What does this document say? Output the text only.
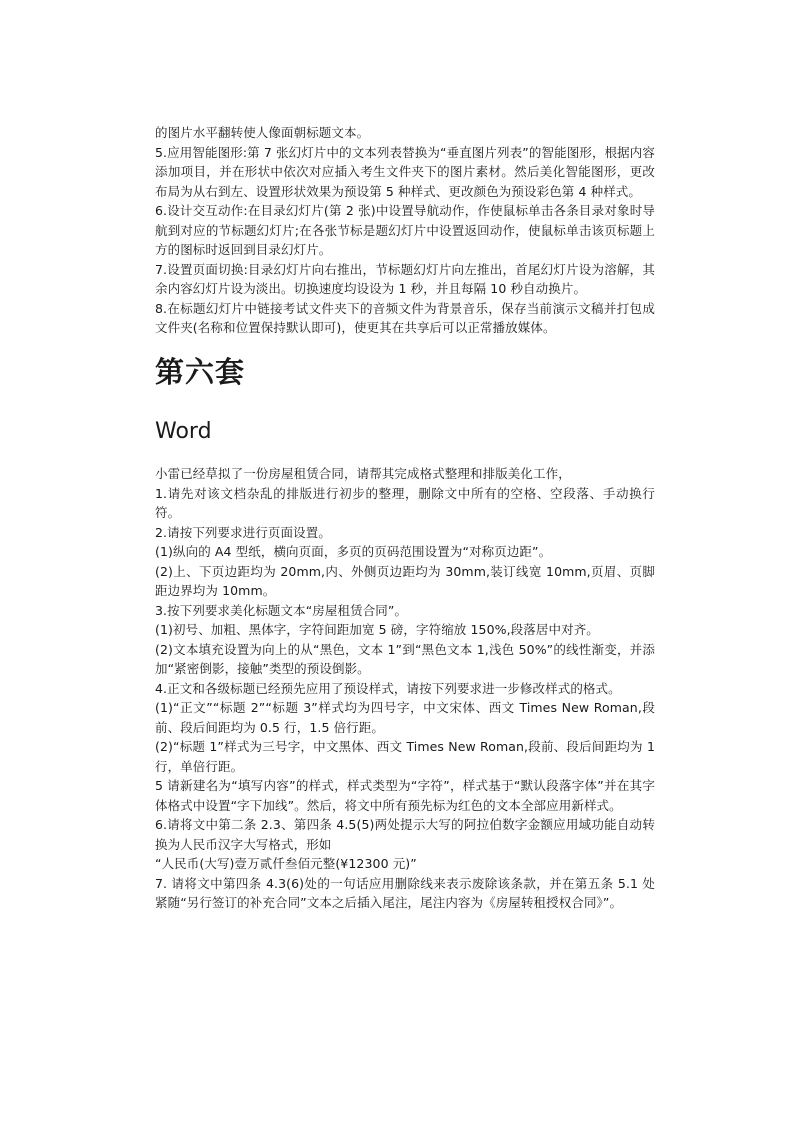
的图片水平翻转使人像面朝标题文本。

5.应用智能图形:第 7 张幻灯片中的文本列表替换为“垂直图片列表”的智能图形，根据内容添加项目，并在形状中依次对应插入考生文件夹下的图片素材。然后美化智能图形，更改布局为从右到左、设置形状效果为预设第 5 种样式、更改颜色为预设彩色第 4 种样式。

6.设计交互动作:在目录幻灯片(第 2 张)中设置导航动作，作使鼠标单击各条目录对象时导航到对应的节标题幻灯片;在各张节标是题幻灯片中设置返回动作，使鼠标单击该页标题上方的图标时返回到目录幻灯片。

7.设置页面切换:目录幻灯片向右推出，节标题幻灯片向左推出，首尾幻灯片设为溶解，其余内容幻灯片设为淡出。切换速度均设设为 1 秒，并且每隔 10 秒自动换片。

8.在标题幻灯片中链接考试文件夹下的音频文件为背景音乐，保存当前演示文稿并打包成文件夹(名称和位置保持默认即可)，使更其在共享后可以正常播放媒体。

第六套
Word

小雷已经草拟了一份房屋租赁合同，请帮其完成格式整理和排版美化工作，

1.请先对该文档杂乱的排版进行初步的整理，删除文中所有的空格、空段落、手动换行符。

2.请按下列要求进行页面设置。

(1)纵向的 A4 型纸，横向页面，多页的页码范围设置为“对称页边距”。

(2)上、下页边距均为 20mm,内、外侧页边距均为 30mm,装订线宽 10mm,页眉、页脚距边界均为 10mm。

3.按下列要求美化标题文本“房屋租赁合同”。

(1)初号、加粗、黑体字，字符间距加宽 5 磅，字符缩放 150%,段落居中对齐。

(2)文本填充设置为向上的从“黑色，文本 1”到“黑色文本 1,浅色 50%”的线性渐变，并添加“紧密倒影，接触”类型的预设倒影。

4.正文和各级标题已经预先应用了预设样式，请按下列要求进一步修改样式的格式。

(1)“正文”“标题 2”“标题 3”样式均为四号字，中文宋体、西文 Times New Roman,段前、段后间距均为 0.5 行，1.5 倍行距。

(2)“标题 1”样式为三号字，中文黑体、西文 Times New Roman,段前、段后间距均为 1 行，单倍行距。

5 请新建名为“填写内容”的样式，样式类型为“字符”，样式基于“默认段落字体”并在其字体格式中设置“字下加线”。然后，将文中所有预先标为红色的文本全部应用新样式。

6.请将文中第二条 2.3、第四条 4.5(5)两处提示大写的阿拉伯数字金额应用域功能自动转换为人民币汉字大写格式，形如

“人民币(大写)壹万贰仟叁佰元整(¥12300 元)”

7. 请将文中第四条 4.3(6)处的一句话应用删除线来表示废除该条款，并在第五条 5.1 处紧随“另行签订的补充合同”文本之后插入尾注，尾注内容为《房屋转租授权合同》”。
